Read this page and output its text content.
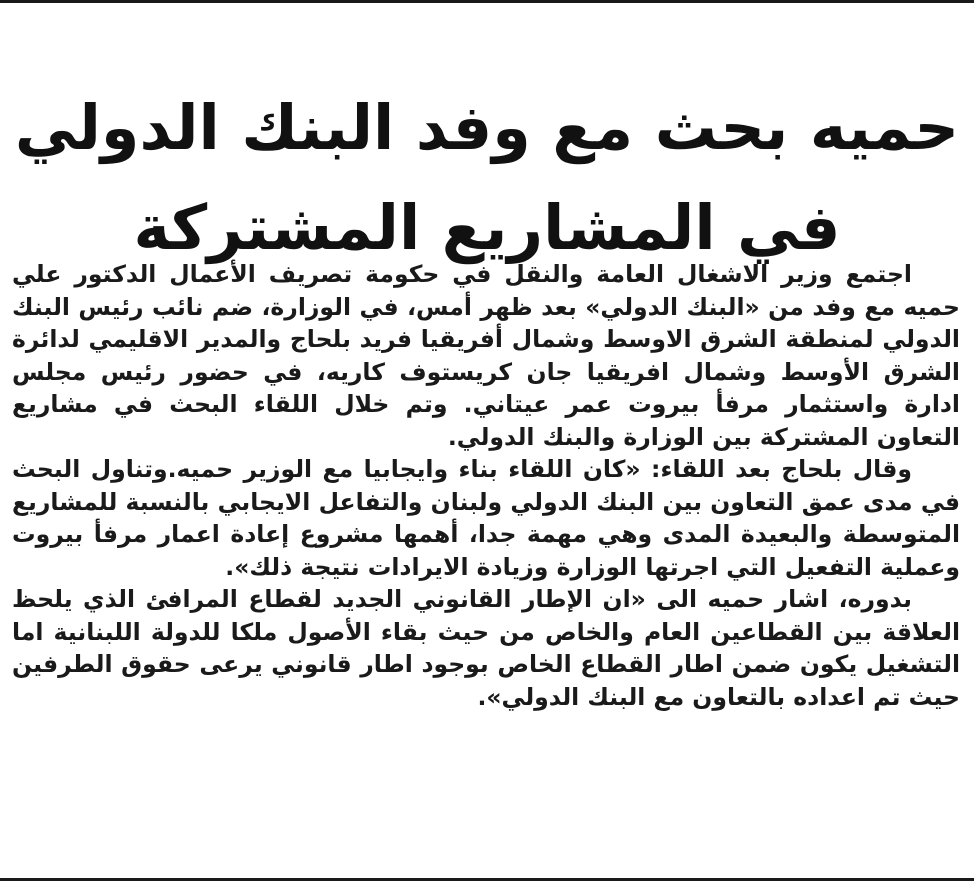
حميه بحث مع وفد البنك الدولي
في المشاريع المشتركة

اجتمع وزير الاشغال العامة والنقل في حكومة تصريف الأعمال الدكتور علي حميه مع وفد من «البنك الدولي» بعد ظهر أمس، في الوزارة، ضم نائب رئيس البنك الدولي لمنطقة الشرق الاوسط وشمال أفريقيا فريد بلحاج والمدير الاقليمي لدائرة الشرق الأوسط وشمال افريقيا جان كريستوف كاريه، في حضور رئيس مجلس ادارة واستثمار مرفأ بيروت عمر عيتاني. وتم خلال اللقاء البحث في مشاريع التعاون المشتركة بين الوزارة والبنك الدولي.

وقال بلحاج بعد اللقاء: «كان اللقاء بناء وايجابيا مع الوزير حميه.وتناول البحث في مدى عمق التعاون بين البنك الدولي ولبنان والتفاعل الايجابي بالنسبة للمشاريع المتوسطة والبعيدة المدى وهي مهمة جدا، أهمها مشروع إعادة اعمار مرفأ بيروت وعملية التفعيل التي اجرتها الوزارة وزيادة الايرادات نتيجة ذلك».

بدوره، اشار حميه الى «ان الإطار القانوني الجديد لقطاع المرافئ الذي يلحظ العلاقة بين القطاعين العام والخاص من حيث بقاء الأصول ملكا للدولة اللبنانية اما التشغيل يكون ضمن اطار القطاع الخاص بوجود اطار قانوني يرعى حقوق الطرفين حيث تم اعداده بالتعاون مع البنك الدولي».
